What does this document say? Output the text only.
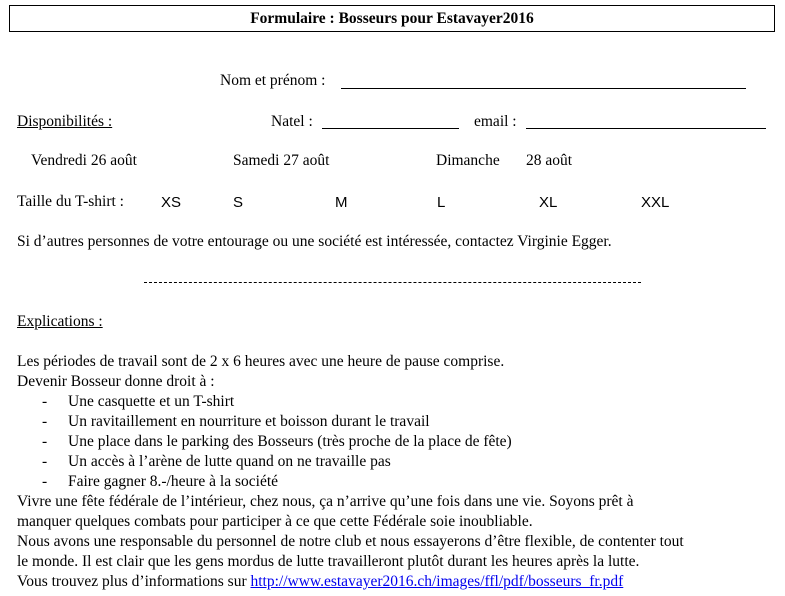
Formulaire : Bosseurs pour Estavayer2016
Nom et prénom :
Disponibilités :	Natel :	email :
Vendredi 26 août	Samedi 27 août	Dimanche 28 août
Taille du T-shirt : XS	S	M	L	XL	XXL
Si d’autres personnes de votre entourage ou une société est intéressée, contactez Virginie Egger.
Explications :
Les périodes de travail sont de 2 x 6 heures avec une heure de pause comprise.
Devenir Bosseur donne droit à :
- Une casquette et un T-shirt
- Un ravitaillement en nourriture et boisson durant le travail
- Une place dans le parking des Bosseurs (très proche de la place de fête)
- Un accès à l’arène de lutte quand on ne travaille pas
- Faire gagner 8.-/heure à la société
Vivre une fête fédérale de l’intérieur, chez nous, ça n’arrive qu’une fois dans une vie. Soyons prêt à
manquer quelques combats pour participer à ce que cette Fédérale soie inoubliable.
Nous avons une responsable du personnel de notre club et nous essayerons d’être flexible, de contenter tout
le monde. Il est clair que les gens mordus de lutte travailleront plutôt durant les heures après la lutte.
Vous trouvez plus d’informations sur http://www.estavayer2016.ch/images/ffl/pdf/bosseurs_fr.pdf
